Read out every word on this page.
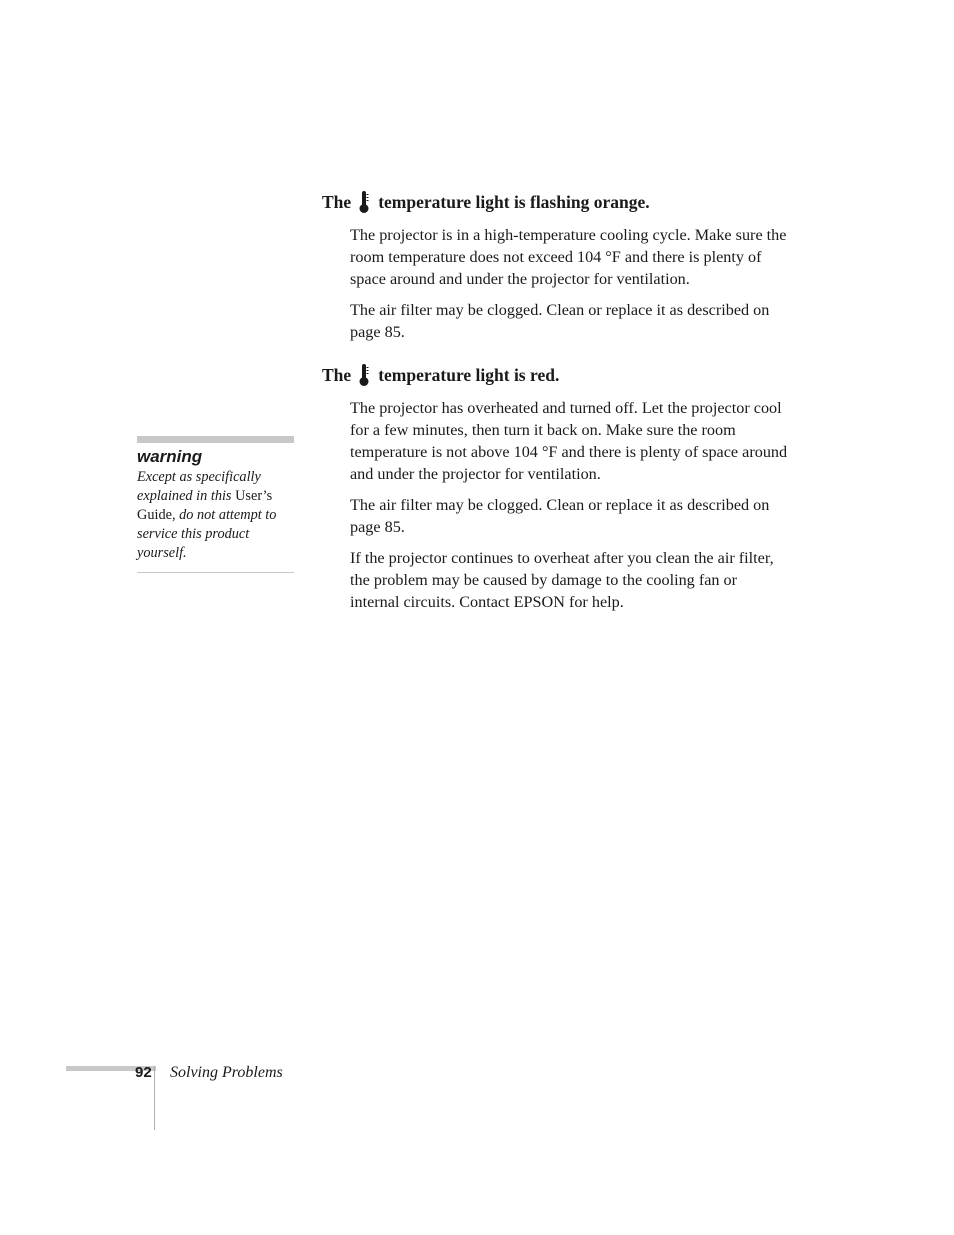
The temperature light is flashing orange.

The projector is in a high-temperature cooling cycle. Make sure the room temperature does not exceed 104 °F and there is plenty of space around and under the projector for ventilation.

The air filter may be clogged. Clean or replace it as described on page 85.

The temperature light is red.

The projector has overheated and turned off. Let the projector cool for a few minutes, then turn it back on. Make sure the room temperature is not above 104 °F and there is plenty of space around and under the projector for ventilation.

The air filter may be clogged. Clean or replace it as described on page 85.

If the projector continues to overheat after you clean the air filter, the problem may be caused by damage to the cooling fan or internal circuits. Contact EPSON for help.

warning
Except as specifically explained in this User’s Guide, do not attempt to service this product yourself.
92 Solving Problems
